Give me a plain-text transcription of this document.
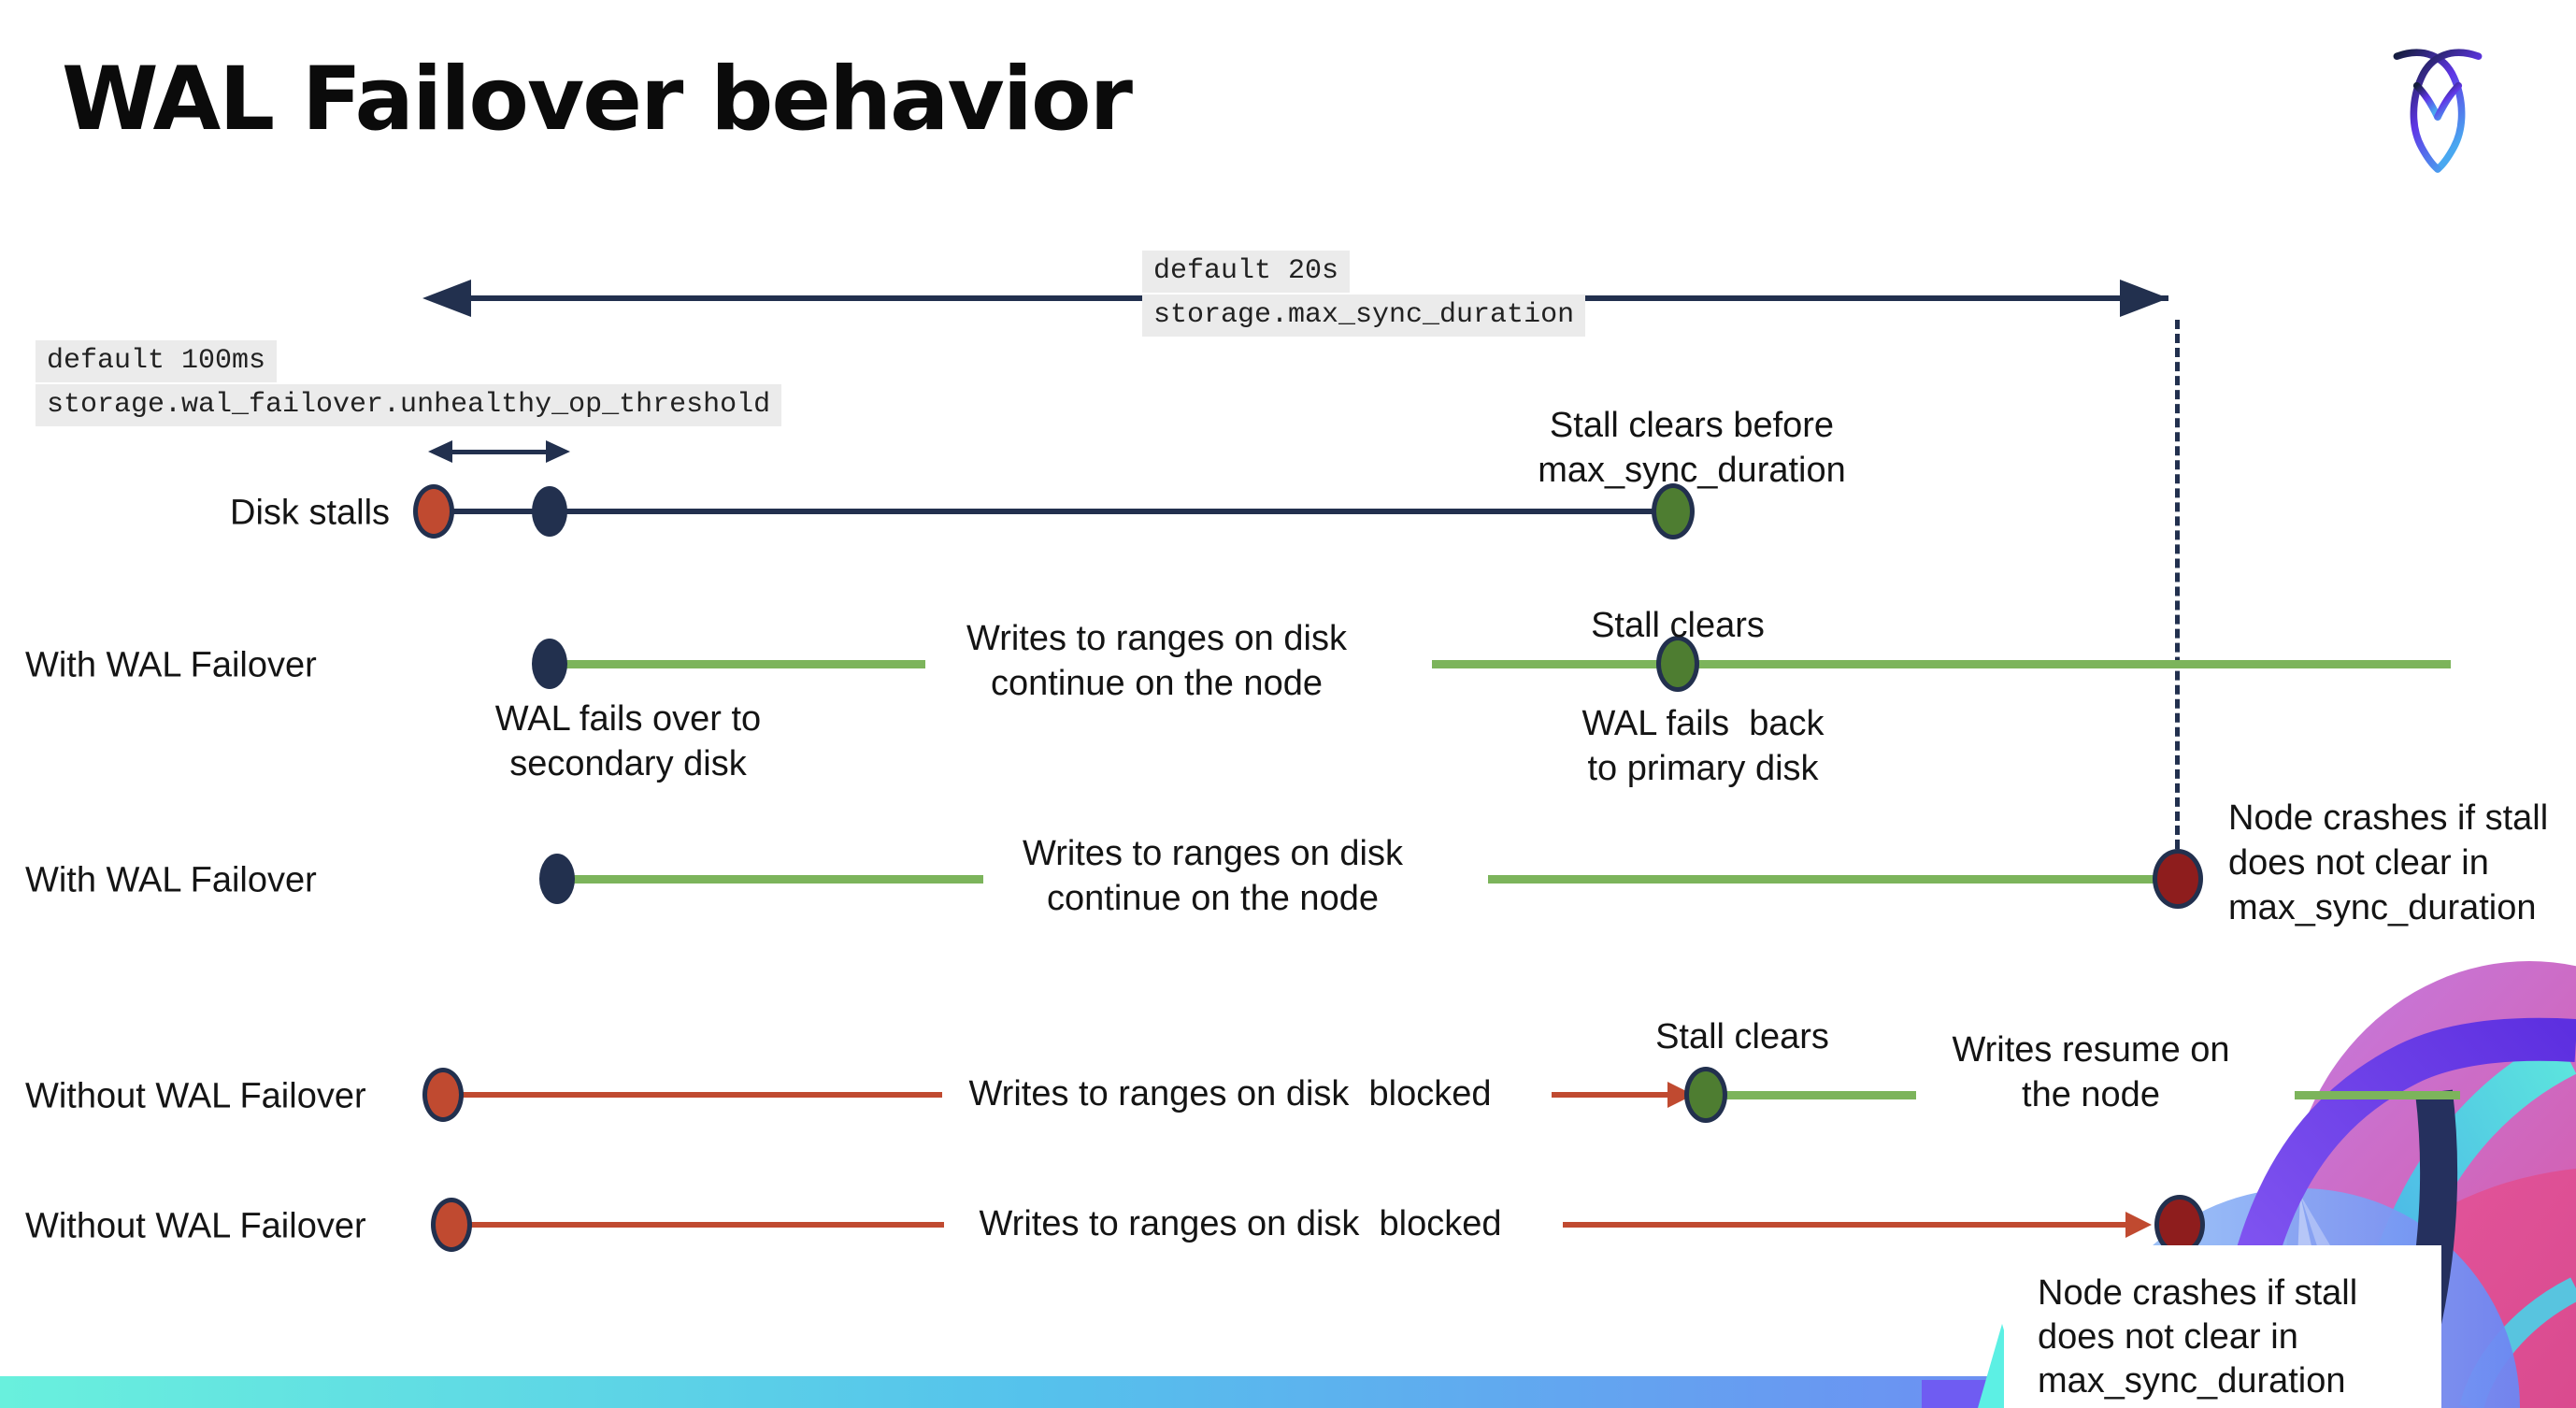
WAL Failover behavior
default 20s
storage.max_sync_duration
default 100ms
storage.wal_failover.unhealthy_op_threshold
Disk stalls
Stall clears before
max_sync_duration
With WAL Failover
WAL fails over to
secondary disk
Writes to ranges on disk
continue on the node
Stall clears
WAL fails  back
to primary disk
With WAL Failover
Writes to ranges on disk
continue on the node
Node crashes if stall
does not clear in
max_sync_duration
Without WAL Failover	Writes to ranges on disk  blocked
Stall clears	Writes resume on
the node
Without WAL Failover	Writes to ranges on disk  blocked
Node crashes if stall
does not clear in
max_sync_duration
